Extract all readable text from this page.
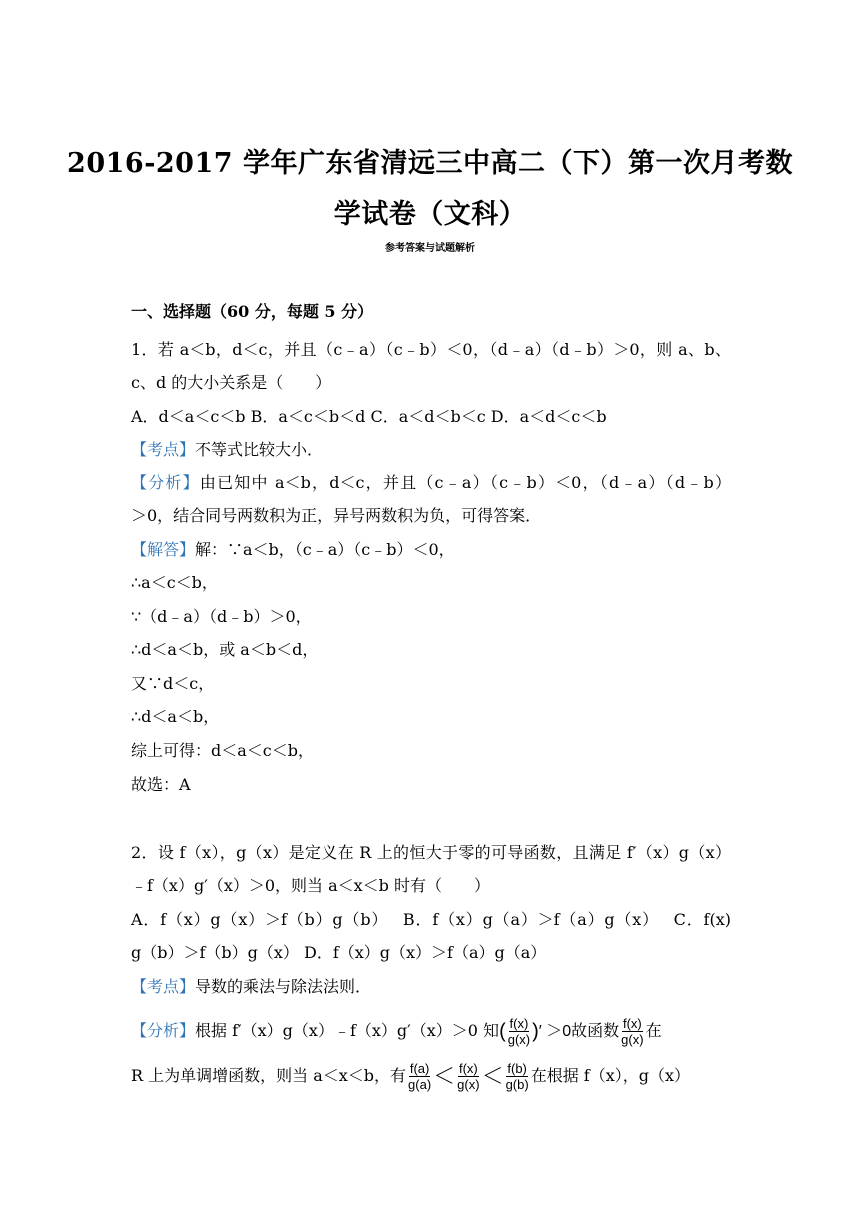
2016-2017 学年广东省清远三中高二（下）第一次月考数
学试卷（文科）
参考答案与试题解析
一、选择题（60 分，每题 5 分）
1．若 a＜b，d＜c，并且（c﹣a）（c﹣b）＜0，（d﹣a）（d﹣b）＞0，则 a、b、
c、d 的大小关系是（　　）
A．d＜a＜c＜b B．a＜c＜b＜d C．a＜d＜b＜c D．a＜d＜c＜b
【考点】不等式比较大小．
【分析】由已知中 a＜b，d＜c，并且（c﹣a）（c﹣b）＜0，（d﹣a）（d﹣b）
＞0，结合同号两数积为正，异号两数积为负，可得答案．
【解答】解：∵a＜b，（c﹣a）（c﹣b）＜0，
∴a＜c＜b，
∵（d﹣a）（d﹣b）＞0，
∴d＜a＜b，或 a＜b＜d，
又∵d＜c，
∴d＜a＜b，
综上可得：d＜a＜c＜b，
故选：A
2．设 f（x），g（x）是定义在 R 上的恒大于零的可导函数，且满足 f′（x）g（x）
﹣f（x）g′（x）＞0，则当 a＜x＜b 时有（　　）
A．f（x）g（x）＞f（b）g（b）　 B．f（x）g（a）＞f（a）g（x）　 C．f(x)
g（b）＞f（b）g（x） D．f（x）g（x）＞f（a）g（a）
【考点】导数的乘法与除法法则．
【分析】根据 f′（x）g（x）﹣f（x）g′（x）＞0 知( $\frac{f(x)}{g(x)}$ )′ ＞0故函数 $\frac{f(x)}{g(x)}$ 在
R 上为单调增函数，则当 a＜x＜b，有 $\frac{f(a)}{g(a)} < \frac{f(x)}{g(x)} < \frac{f(b)}{g(b)}$ 在根据 f（x），g（x）
